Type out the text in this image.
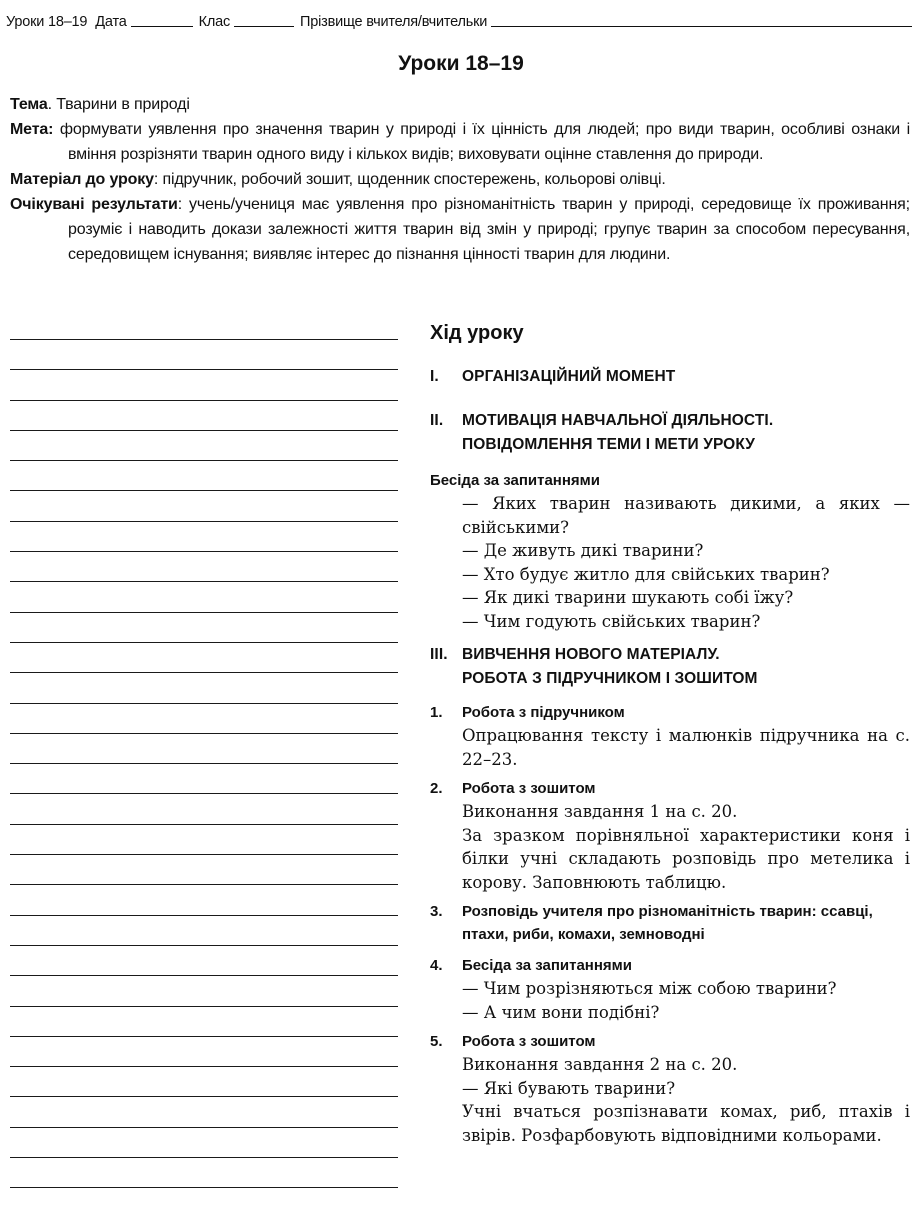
Уроки 18–19 Дата	Клас	Прізвище вчителя/вчительки
Уроки 18–19

Тема. Тварини в природі

Мета: формувати уявлення про значення тварин у природі і їх цінність для людей; про види тварин, особливі ознаки і вміння розрізняти тварин одного виду і кількох видів; виховувати оцінне ставлення до природи.

Матеріал до уроку: підручник, робочий зошит, щоденник спостережень, кольорові олівці.

Очікувані результати: учень/учениця має уявлення про різноманітність тварин у природі, середовище їх проживання; розуміє і наводить докази залежності життя тварин від змін у природі; групує тварин за способом пересування, середовищем існування; виявляє інтерес до пізнання цінності тварин для людини.

Хід уроку
I.	ОРГАНІЗАЦІЙНИЙ МОМЕНТ
II.	МОТИВАЦІЯ НАВЧАЛЬНОЇ ДІЯЛЬНОСТІ.
ПОВІДОМЛЕННЯ ТЕМИ І МЕТИ УРОКУ
Бесіда за запитаннями
— Яких тварин називають дикими, а яких — свійськими?
— Де живуть дикі тварини?
— Хто будує житло для свійських тварин?
— Як дикі тварини шукають собі їжу?
— Чим годують свійських тварин?
III. ВИВЧЕННЯ НОВОГО МАТЕРІАЛУ.
РОБОТА З ПІДРУЧНИКОМ І ЗОШИТОМ
1.	Робота з підручником
Опрацювання тексту і малюнків підручника на с. 22–23.
2.	Робота з зошитом
Виконання завдання 1 на с. 20.
За зразком порівняльної характеристики коня і білки учні складають розповідь про метелика і корову. Заповнюють таблицю.
3.	Розповідь учителя про різноманітність тварин: ссавці, птахи, риби, комахи, земноводні
4.	Бесіда за запитаннями
— Чим розрізняються між собою тварини?
— А чим вони подібні?
5.	Робота з зошитом
Виконання завдання 2 на с. 20.
— Які бувають тварини?
Учні вчаться розпізнавати комах, риб, птахів і звірів. Розфарбовують відповідними кольорами.
